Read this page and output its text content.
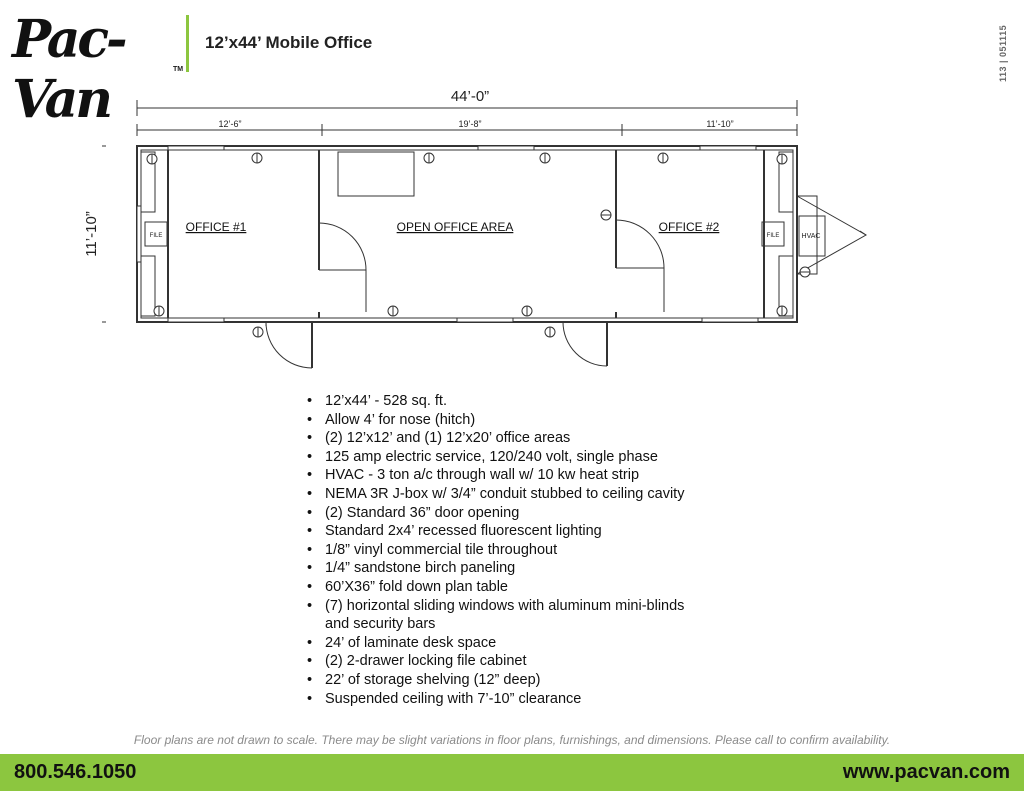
Pac-Van	TM
12’x44’ Mobile Office	113 | 051115
44’-0”
12’-6”	19’-8”	11’-10”
11’-10”	OFFICE #1	OPEN OFFICE AREA	OFFICE #2
FILE	FILE	HVAC
• 12’x44’ - 528 sq. ft.
• Allow 4’ for nose (hitch)
• (2) 12’x12’ and (1) 12’x20’ office areas
• 125 amp electric service, 120/240 volt, single phase
• HVAC - 3 ton a/c through wall w/ 10 kw heat strip
• NEMA 3R J-box w/ 3/4” conduit stubbed to ceiling cavity
• (2) Standard 36” door opening
• Standard 2x4’ recessed fluorescent lighting
• 1/8” vinyl commercial tile throughout
• 1/4” sandstone birch paneling
• 60’X36” fold down plan table
• (7) horizontal sliding windows with aluminum mini-blinds
and security bars
• 24’ of laminate desk space
• (2) 2-drawer locking file cabinet
• 22’ of storage shelving (12” deep)
• Suspended ceiling with 7’-10” clearance
Floor plans are not drawn to scale. There may be slight variations in floor plans, furnishings, and dimensions. Please call to confirm availability.
800.546.1050	www.pacvan.com
